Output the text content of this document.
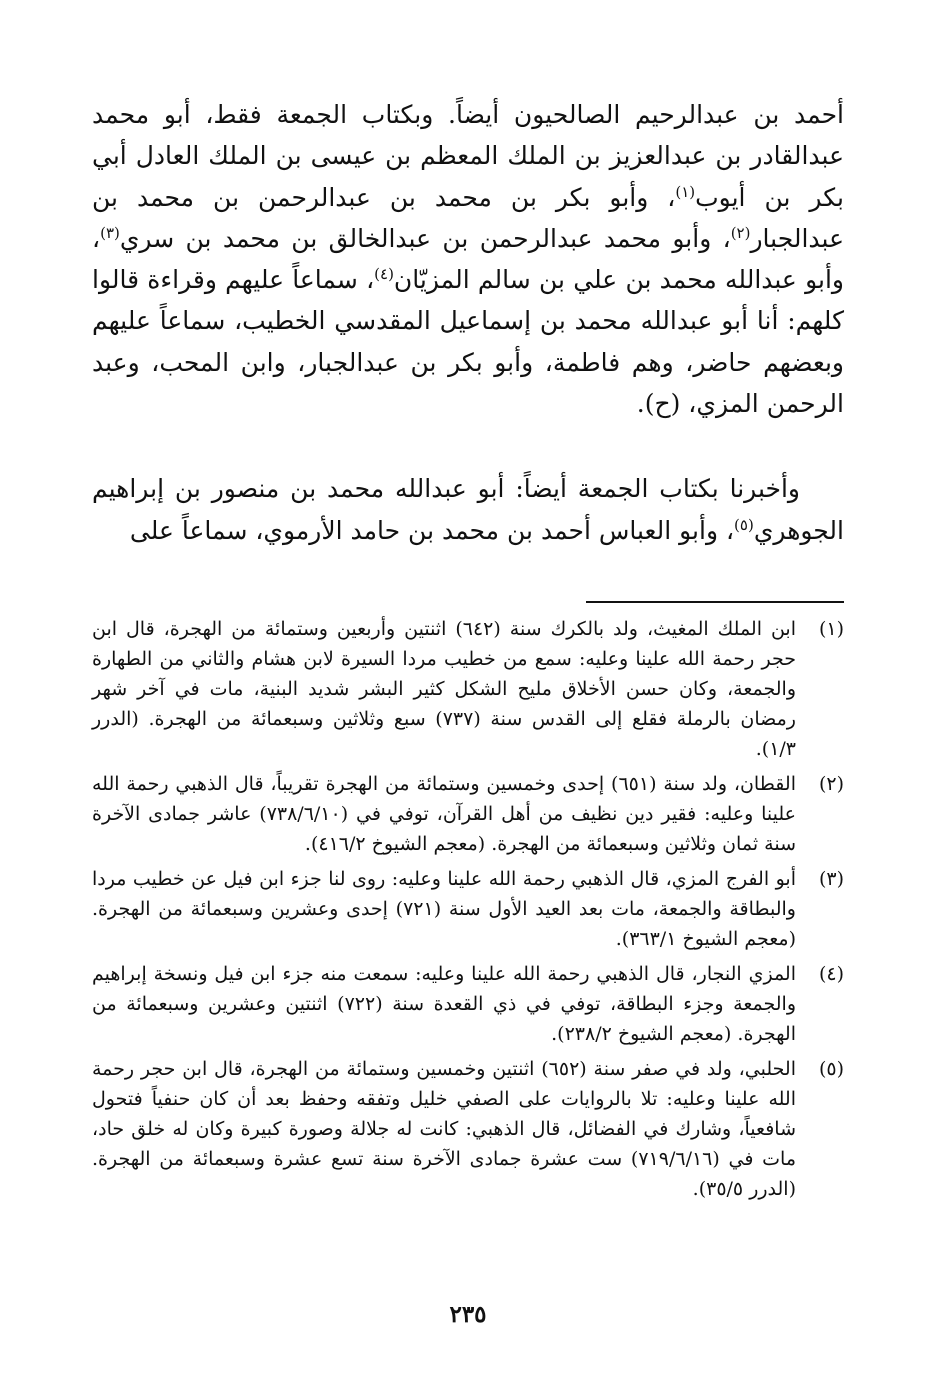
أحمد بن عبدالرحيم الصالحيون أيضاً. وبكتاب الجمعة فقط، أبو محمد عبدالقادر بن عبدالعزيز بن الملك المعظم بن عيسى بن الملك العادل أبي بكر بن أيوب$^{(١)}$، وأبو بكر بن محمد بن عبدالرحمن بن محمد بن عبدالجبار$^{(٢)}$، وأبو محمد عبدالرحمن بن عبدالخالق بن محمد بن سري$^{(٣)}$، وأبو عبدالله محمد بن علي بن سالم المزيّان$^{(٤)}$، سماعاً عليهم وقراءة قالوا كلهم: أنا أبو عبدالله محمد بن إسماعيل المقدسي الخطيب، سماعاً عليهم وبعضهم حاضر، وهم فاطمة، وأبو بكر بن عبدالجبار، وابن المحب، وعبد الرحمن المزي، (ح).

وأخبرنا بكتاب الجمعة أيضاً: أبو عبدالله محمد بن منصور بن إبراهيم الجوهري$^{(٥)}$، وأبو العباس أحمد بن محمد بن حامد الأرموي، سماعاً على

(١)
ابن الملك المغيث، ولد بالكرك سنة (٦٤٢) اثنتين وأربعين وستمائة من الهجرة، قال ابن حجر رحمة الله علينا وعليه: سمع من خطيب مردا السيرة لابن هشام والثاني من الطهارة والجمعة، وكان حسن الأخلاق مليح الشكل كثير البشر شديد البنية، مات في آخر شهر رمضان بالرملة فقلع إلى القدس سنة (٧٣٧) سبع وثلاثين وسبعمائة من الهجرة. (الدرر ١/٣).
(٢)
القطان، ولد سنة (٦٥١) إحدى وخمسين وستمائة من الهجرة تقريباً، قال الذهبي رحمة الله علينا وعليه: فقير دين نظيف من أهل القرآن، توفي في (٧٣٨/٦/١٠) عاشر جمادى الآخرة سنة ثمان وثلاثين وسبعمائة من الهجرة. (معجم الشيوخ ٤١٦/٢).
(٣)
أبو الفرج المزي، قال الذهبي رحمة الله علينا وعليه: روى لنا جزء ابن فيل عن خطيب مردا والبطاقة والجمعة، مات بعد العيد الأول سنة (٧٢١) إحدى وعشرين وسبعمائة من الهجرة. (معجم الشيوخ ٣٦٣/١).
(٤)
المزي النجار، قال الذهبي رحمة الله علينا وعليه: سمعت منه جزء ابن فيل ونسخة إبراهيم والجمعة وجزء البطاقة، توفي في ذي القعدة سنة (٧٢٢) اثنتين وعشرين وسبعمائة من الهجرة. (معجم الشيوخ ٢٣٨/٢).
(٥)
الحلبي، ولد في صفر سنة (٦٥٢) اثنتين وخمسين وستمائة من الهجرة، قال ابن حجر رحمة الله علينا وعليه: تلا بالروايات على الصفي خليل وتفقه وحفظ بعد أن كان حنفياً فتحول شافعياً، وشارك في الفضائل، قال الذهبي: كانت له جلالة وصورة كبيرة وكان له خلق حاد، مات في (٧١٩/٦/١٦) ست عشرة جمادى الآخرة سنة تسع عشرة وسبعمائة من الهجرة. (الدرر ٣٥/٥).
٢٣٥
